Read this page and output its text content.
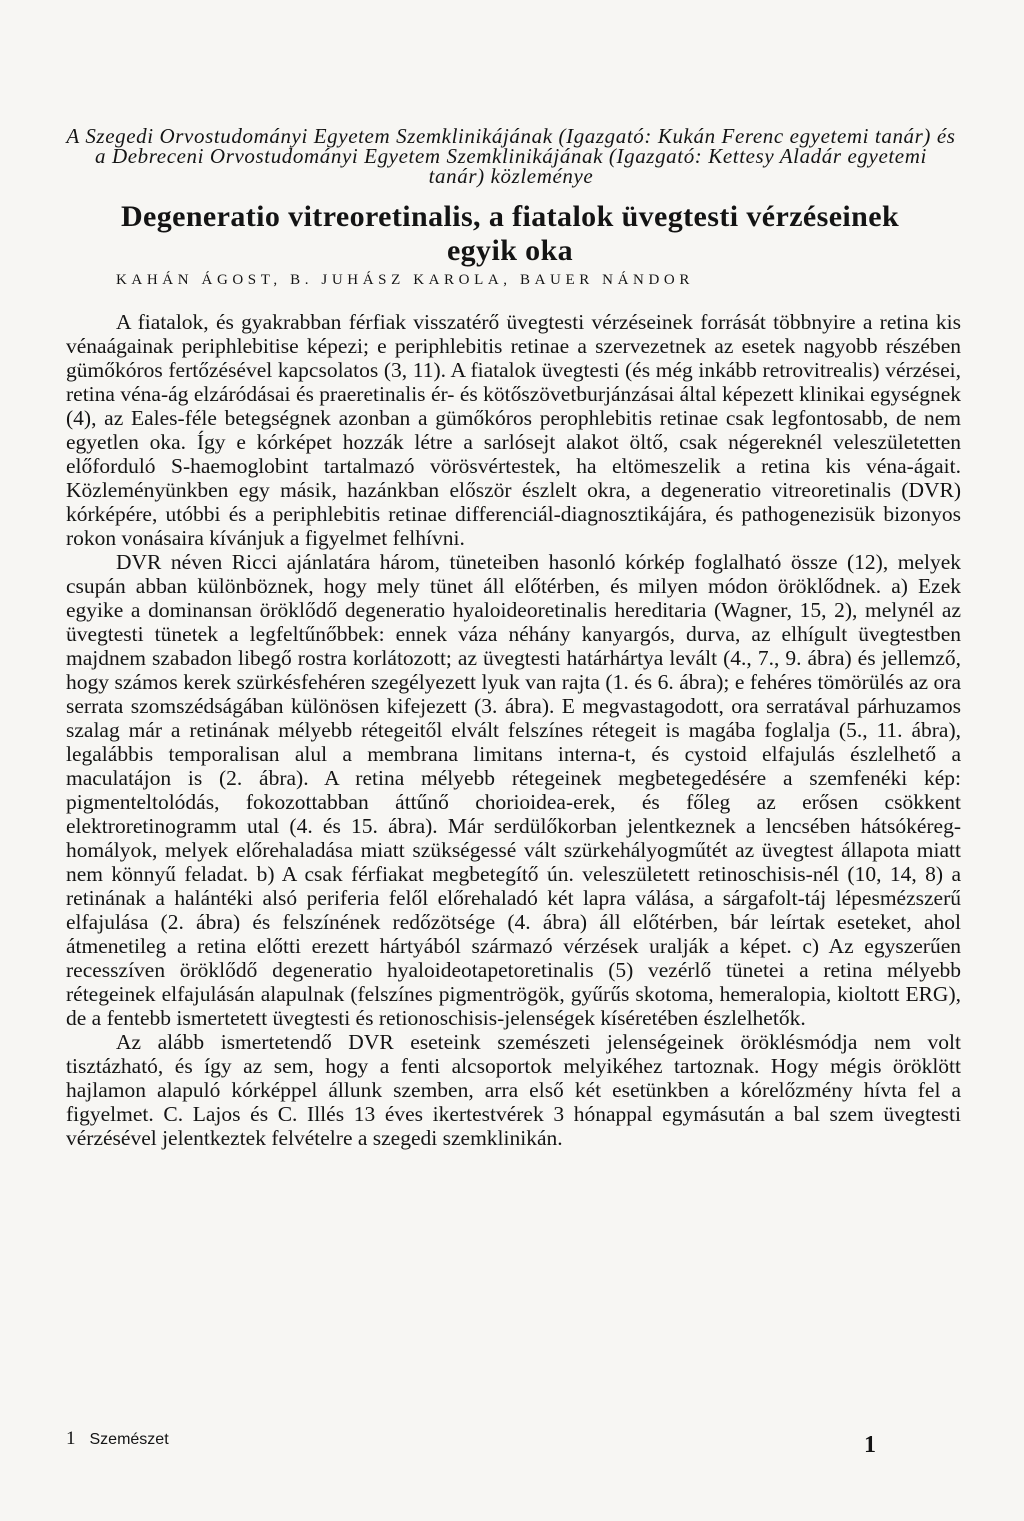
A Szegedi Orvostudományi Egyetem Szemklinikájának (Igazgató: Kukán Ferenc egyetemi tanár) és a Debreceni Orvostudományi Egyetem Szemklinikájának (Igazgató: Kettesy Aladár egyetemi tanár) közleménye
Degeneratio vitreoretinalis, a fiatalok üvegtesti vérzéseinek egyik oka
KAHÁN ÁGOST, B. JUHÁSZ KAROLA, BAUER NÁNDOR

A fiatalok, és gyakrabban férfiak visszatérő üvegtesti vérzéseinek forrását többnyire a retina kis vénaágainak periphlebitise képezi; e periphlebitis retinae a szervezetnek az esetek nagyobb részében gümőkóros fertőzésével kapcsolatos (3, 11). A fiatalok üvegtesti (és még inkább retrovitrealis) vérzései, retina véna-ág elzáródásai és praeretinalis ér- és kötőszövetburjánzásai által képezett klinikai egységnek (4), az Eales-féle betegségnek azonban a gümőkóros perophlebitis retinae csak legfontosabb, de nem egyetlen oka. Így e kórképet hozzák létre a sarlósejt alakot öltő, csak négereknél veleszületetten előforduló S-haemoglobint tartalmazó vörösvértestek, ha eltömeszelik a retina kis véna-ágait. Közleményünkben egy másik, hazánkban először észlelt okra, a degeneratio vitreoretinalis (DVR) kórképére, utóbbi és a periphlebitis retinae differenciál-diagnosztikájára, és pathogenezisük bizonyos rokon vonásaira kívánjuk a figyelmet felhívni.

DVR néven Ricci ajánlatára három, tüneteiben hasonló kórkép foglalható össze (12), melyek csupán abban különböznek, hogy mely tünet áll előtérben, és milyen módon öröklődnek. a) Ezek egyike a dominansan öröklődő degeneratio hyaloideoretinalis hereditaria (Wagner, 15, 2), melynél az üvegtesti tünetek a legfeltűnőbbek: ennek váza néhány kanyargós, durva, az elhígult üvegtestben majdnem szabadon libegő rostra korlátozott; az üvegtesti határhártya levált (4., 7., 9. ábra) és jellemző, hogy számos kerek szürkésfehéren szegélyezett lyuk van rajta (1. és 6. ábra); e fehéres tömörülés az ora serrata szomszédságában különösen kifejezett (3. ábra). E megvastagodott, ora serratával párhuzamos szalag már a retinának mélyebb rétegeitől elvált felszínes rétegeit is magába foglalja (5., 11. ábra), legalábbis temporalisan alul a membrana limitans interna-t, és cystoid elfajulás észlelhető a maculatájon is (2. ábra). A retina mélyebb rétegeinek megbetegedésére a szemfenéki kép: pigmenteltolódás, fokozottabban áttűnő chorioidea-erek, és főleg az erősen csökkent elektroretinogramm utal (4. és 15. ábra). Már serdülőkorban jelentkeznek a lencsében hátsókéreg-homályok, melyek előrehaladása miatt szükségessé vált szürkehályogműtét az üvegtest állapota miatt nem könnyű feladat. b) A csak férfiakat megbetegítő ún. veleszületett retinoschisis-nél (10, 14, 8) a retinának a halántéki alsó periferia felől előrehaladó két lapra válása, a sárgafolt-táj lépesmézszerű elfajulása (2. ábra) és felszínének redőzötsége (4. ábra) áll előtérben, bár leírtak eseteket, ahol átmenetileg a retina előtti erezett hártyából származó vérzések uralják a képet. c) Az egyszerűen recesszíven öröklődő degeneratio hyaloideotapetoretinalis (5) vezérlő tünetei a retina mélyebb rétegeinek elfajulásán alapulnak (felszínes pigmentrögök, gyűrűs skotoma, hemeralopia, kioltott ERG), de a fentebb ismertetett üvegtesti és retionoschisis-jelenségek kíséretében észlelhetők.

Az alább ismertetendő DVR eseteink szemészeti jelenségeinek öröklésmódja nem volt tisztázható, és így az sem, hogy a fenti alcsoportok melyikéhez tartoznak. Hogy mégis öröklött hajlamon alapuló kórképpel állunk szemben, arra első két esetünkben a kórelőzmény hívta fel a figyelmet. C. Lajos és C. Illés 13 éves ikertestvérek 3 hónappal egymásután a bal szem üvegtesti vérzésével jelentkeztek felvételre a szegedi szemklinikán.

1 Szemészet	1
